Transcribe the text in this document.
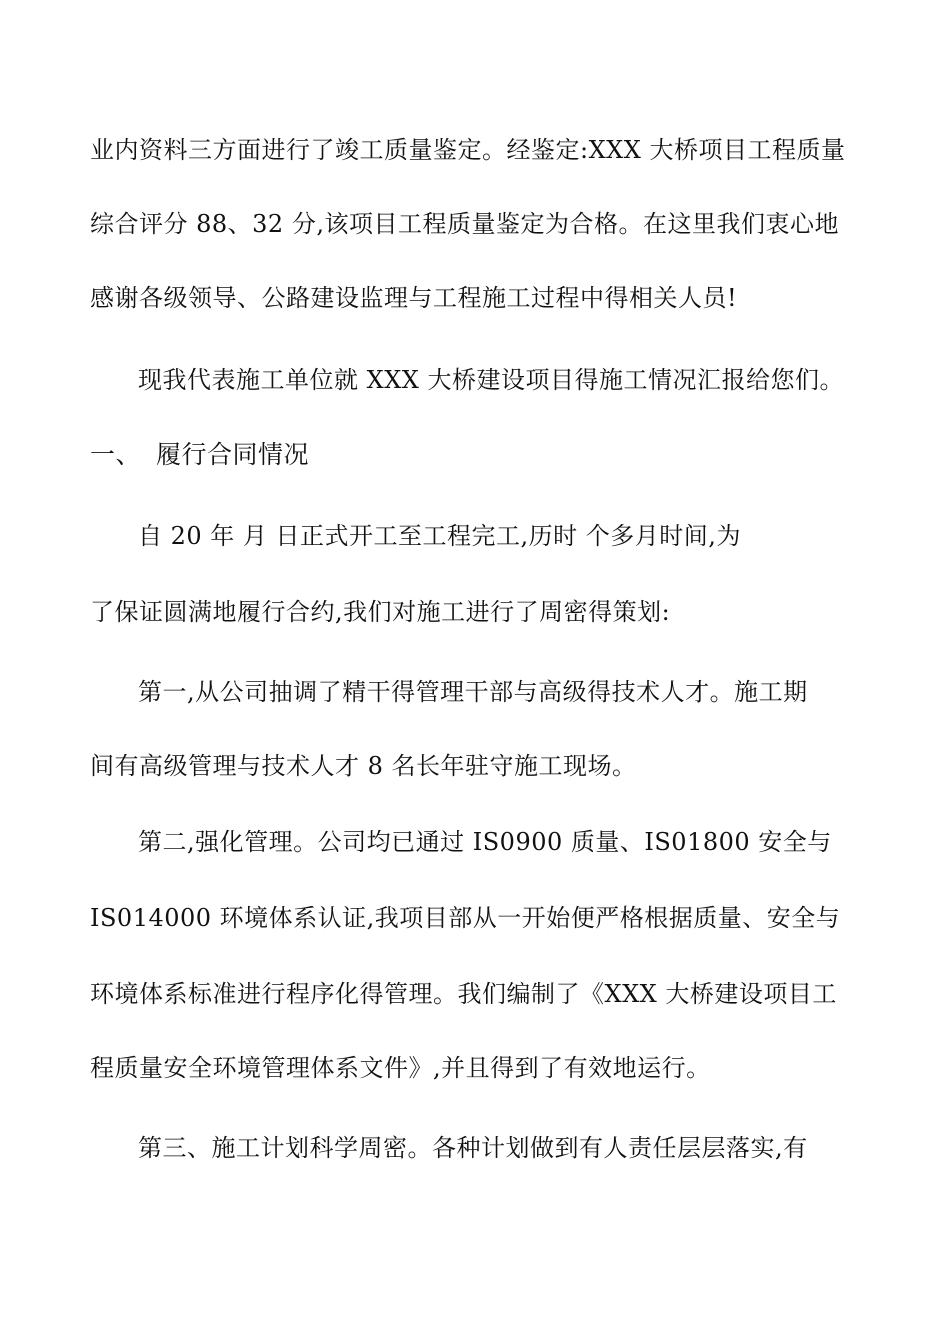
业内资料三方面进行了竣工质量鉴定。经鉴定:XXX 大桥项目工程质量
综合评分 88、32 分,该项目工程质量鉴定为合格。在这里我们衷心地
感谢各级领导、公路建设监理与工程施工过程中得相关人员!
现我代表施工单位就 XXX 大桥建设项目得施工情况汇报给您们。
一、 履行合同情况
自 20 年 月 日正式开工至工程完工,历时 个多月时间,为
了保证圆满地履行合约,我们对施工进行了周密得策划:
第一,从公司抽调了精干得管理干部与高级得技术人才。施工期
间有高级管理与技术人才 8 名长年驻守施工现场。
第二,强化管理。公司均已通过 IS0900 质量、IS01800 安全与
IS014000 环境体系认证,我项目部从一开始便严格根据质量、安全与
环境体系标准进行程序化得管理。我们编制了《XXX 大桥建设项目工
程质量安全环境管理体系文件》,并且得到了有效地运行。
第三、施工计划科学周密。各种计划做到有人责任层层落实,有
